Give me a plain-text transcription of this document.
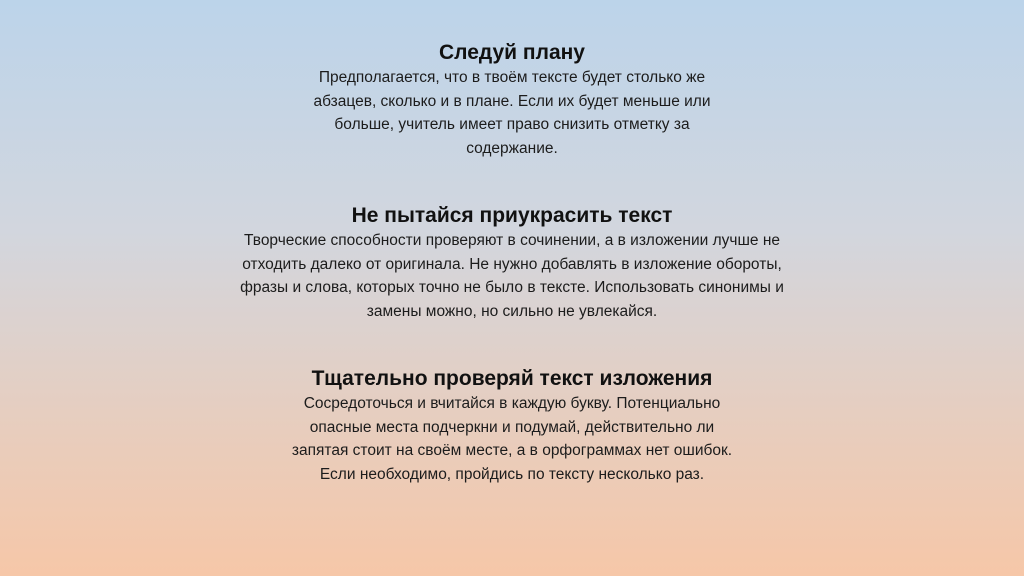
Следуй плану
Предполагается, что в твоём тексте будет столько же
абзацев, сколько и в плане. Если их будет меньше или
больше, учитель имеет право снизить отметку за
содержание.
Не пытайся приукрасить текст
Творческие способности проверяют в сочинении, а в изложении лучше не
отходить далеко от оригинала. Не нужно добавлять в изложение обороты,
фразы и слова, которых точно не было в тексте. Использовать синонимы и
замены можно, но сильно не увлекайся.
Тщательно проверяй текст изложения
Сосредоточься и вчитайся в каждую букву. Потенциально
опасные места подчеркни и подумай, действительно ли
запятая стоит на своём месте, а в орфограммах нет ошибок.
Если необходимо, пройдись по тексту несколько раз.
